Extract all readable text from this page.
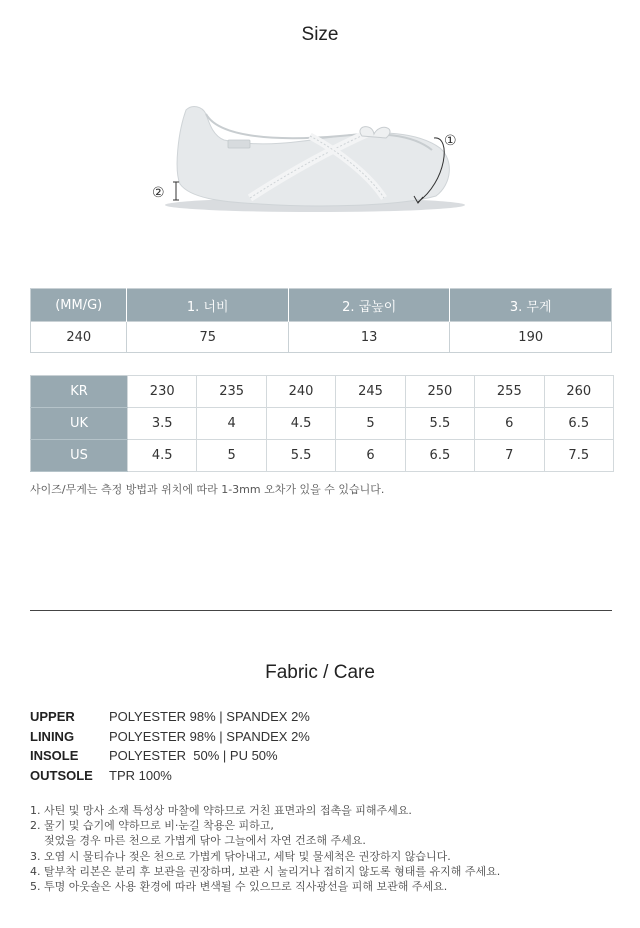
Size
①
②
(MM/G)	1. 너비	2. 굽높이	3. 무게
240	75	13	190
KR	230	235	240	245	250	255	260
UK	3.5	4	4.5	5	5.5	6	6.5
US	4.5	5	5.5	6	6.5	7	7.5
사이즈/무게는 측정 방법과 위치에 따라 1-3mm 오차가 있을 수 있습니다.
Fabric / Care
UPPER	POLYESTER 98% | SPANDEX 2%
LINING	POLYESTER 98% | SPANDEX 2%
INSOLE	POLYESTER  50% | PU 50%
OUTSOLE	TPR 100%
1. 사틴 및 망사 소재 특성상 마찰에 약하므로 거친 표면과의 접촉을 피해주세요.
2. 물기 및 습기에 약하므로 비·눈길 착용은 피하고,
젖었을 경우 마른 천으로 가볍게 닦아 그늘에서 자연 건조해 주세요.
3. 오염 시 물티슈나 젖은 천으로 가볍게 닦아내고, 세탁 및 물세척은 권장하지 않습니다.
4. 탈부착 리본은 분리 후 보관을 권장하며, 보관 시 눌리거나 접히지 않도록 형태를 유지해 주세요.
5. 투명 아웃솔은 사용 환경에 따라 변색될 수 있으므로 직사광선을 피해 보관해 주세요.
